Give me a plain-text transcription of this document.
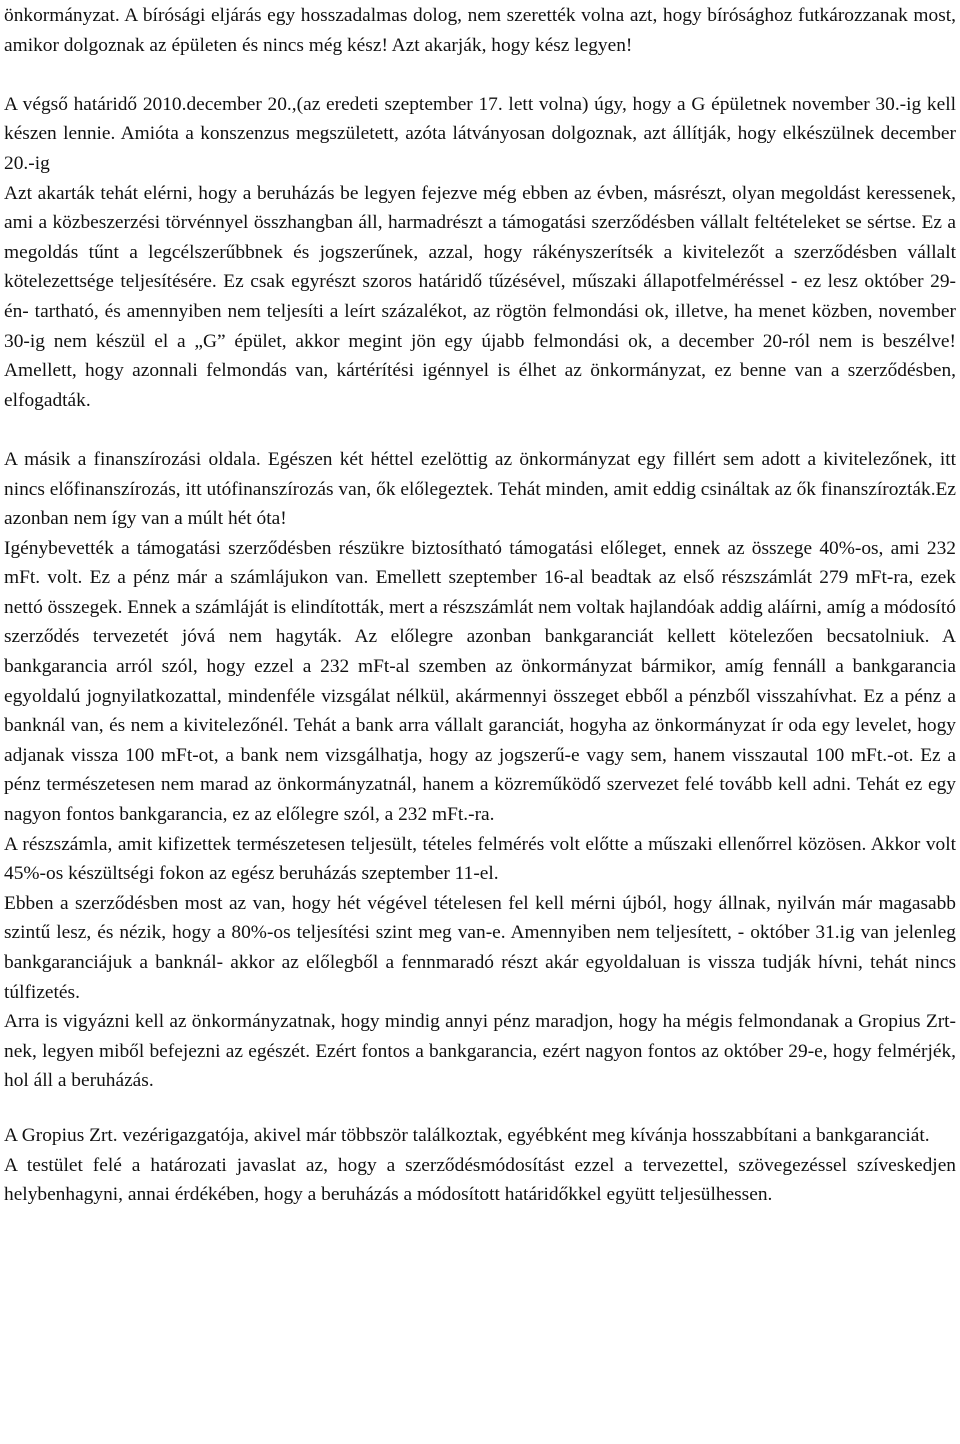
önkormányzat. A bírósági eljárás egy hosszadalmas dolog, nem szerették volna azt, hogy bírósághoz futkározzanak most, amikor dolgoznak az épületen és nincs még kész! Azt akarják, hogy kész legyen!

A végső határidő 2010.december 20.,(az eredeti szeptember 17. lett volna) úgy, hogy a G épületnek november 30.-ig kell készen lennie. Amióta a konszenzus megszületett, azóta látványosan dolgoznak, azt állítják, hogy elkészülnek december 20.-ig

Azt akarták tehát elérni, hogy a beruházás be legyen fejezve még ebben az évben, másrészt, olyan megoldást keressenek, ami a közbeszerzési törvénnyel összhangban áll, harmadrészt a támogatási szerződésben vállalt feltételeket se sértse. Ez a megoldás tűnt a legcélszerűbbnek és jogszerűnek, azzal, hogy rákényszerítsék a kivitelezőt a szerződésben vállalt kötelezettsége teljesítésére. Ez csak egyrészt szoros határidő tűzésével, műszaki állapotfelméréssel - ez lesz október 29-én- tartható, és amennyiben nem teljesíti a leírt százalékot, az rögtön felmondási ok, illetve, ha menet közben, november 30-ig nem készül el a „G” épület, akkor megint jön egy újabb felmondási ok, a december 20-ról nem is beszélve! Amellett, hogy azonnali felmondás van, kártérítési igénnyel is élhet az önkormányzat, ez benne van a szerződésben, elfogadták.

A másik a finanszírozási oldala. Egészen két héttel ezelöttig az önkormányzat egy fillért sem adott a kivitelezőnek, itt nincs előfinanszírozás, itt utófinanszírozás van, ők előlegeztek. Tehát minden, amit eddig csináltak az ők finanszírozták.Ez azonban nem így van a múlt hét óta!

Igénybevették a támogatási szerződésben részükre biztosítható támogatási előleget, ennek az összege 40%-os, ami 232 mFt. volt. Ez a pénz már a számlájukon van. Emellett szeptember 16-al beadtak az első részszámlát 279 mFt-ra, ezek nettó összegek. Ennek a számláját is elindították, mert a részszámlát nem voltak hajlandóak addig aláírni, amíg a módosító szerződés tervezetét jóvá nem hagyták. Az előlegre azonban bankgaranciát kellett kötelezően becsatolniuk. A bankgarancia arról szól, hogy ezzel a 232 mFt-al szemben az önkormányzat bármikor, amíg fennáll a bankgarancia egyoldalú jognyilatkozattal, mindenféle vizsgálat nélkül, akármennyi összeget ebből a pénzből visszahívhat. Ez a pénz a banknál van, és nem a kivitelezőnél. Tehát a bank arra vállalt garanciát, hogyha az önkormányzat ír oda egy levelet, hogy adjanak vissza 100 mFt-ot, a bank nem vizsgálhatja, hogy az jogszerű-e vagy sem, hanem visszautal 100 mFt.-ot. Ez a pénz természetesen nem marad az önkormányzatnál, hanem a közreműködő szervezet felé tovább kell adni. Tehát ez egy nagyon fontos bankgarancia, ez az előlegre szól, a 232 mFt.-ra.

A részszámla, amit kifizettek természetesen teljesült, tételes felmérés volt előtte a műszaki ellenőrrel közösen. Akkor volt 45%-os készültségi fokon az egész beruházás szeptember 11-el.

Ebben a szerződésben most az van, hogy hét végével tételesen fel kell mérni újból, hogy állnak, nyilván már magasabb szintű lesz, és nézik, hogy a 80%-os teljesítési szint meg van-e. Amennyiben nem teljesített, - október 31.ig van jelenleg bankgaranciájuk a banknál- akkor az előlegből a fennmaradó részt akár egyoldaluan is vissza tudják hívni, tehát nincs túlfizetés.

Arra is vigyázni kell az önkormányzatnak, hogy mindig annyi pénz maradjon, hogy ha mégis felmondanak a Gropius Zrt-nek, legyen miből befejezni az egészét. Ezért fontos a bankgarancia, ezért nagyon fontos az október 29-e, hogy felmérjék, hol áll a beruházás.

A Gropius Zrt. vezérigazgatója, akivel már többször találkoztak, egyébként meg kívánja hosszabbítani a bankgaranciát.

A testület felé a határozati javaslat az, hogy a szerződésmódosítást ezzel a tervezettel, szövegezéssel szíveskedjen helybenhagyni, annai érdékében, hogy a beruházás a módosított határidőkkel együtt teljesülhessen.
